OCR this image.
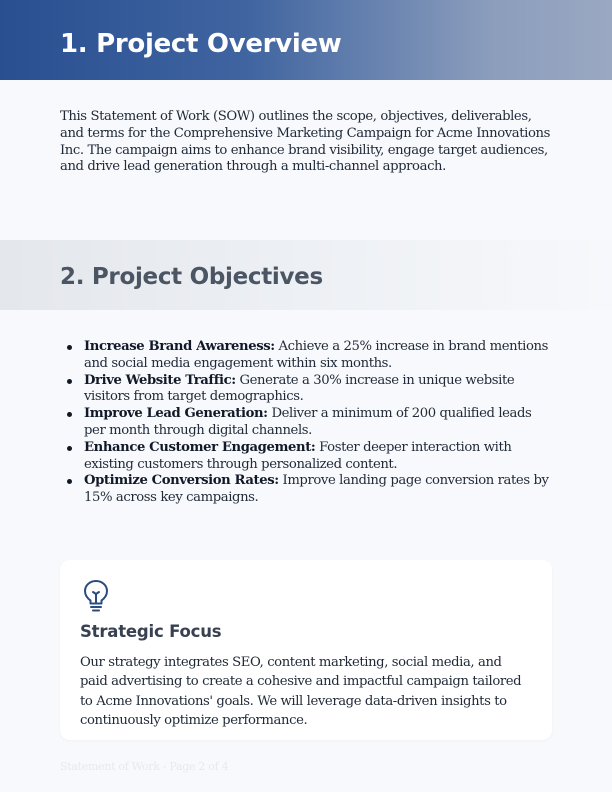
1. Project Overview

This Statement of Work (SOW) outlines the scope, objectives, deliverables, and terms for the Comprehensive Marketing Campaign for Acme Innovations Inc. The campaign aims to enhance brand visibility, engage target audiences, and drive lead generation through a multi-channel approach.

2. Project Objectives
Increase Brand Awareness: Achieve a 25% increase in brand mentions and social media engagement within six months.
Drive Website Traffic: Generate a 30% increase in unique website visitors from target demographics.
Improve Lead Generation: Deliver a minimum of 200 qualified leads per month through digital channels.
Enhance Customer Engagement: Foster deeper interaction with existing customers through personalized content.
Optimize Conversion Rates: Improve landing page conversion rates by 15% across key campaigns.
Strategic Focus

Our strategy integrates SEO, content marketing, social media, and paid advertising to create a cohesive and impactful campaign tailored to Acme Innovations' goals. We will leverage data-driven insights to continuously optimize performance.

Statement of Work - Page 2 of 4
